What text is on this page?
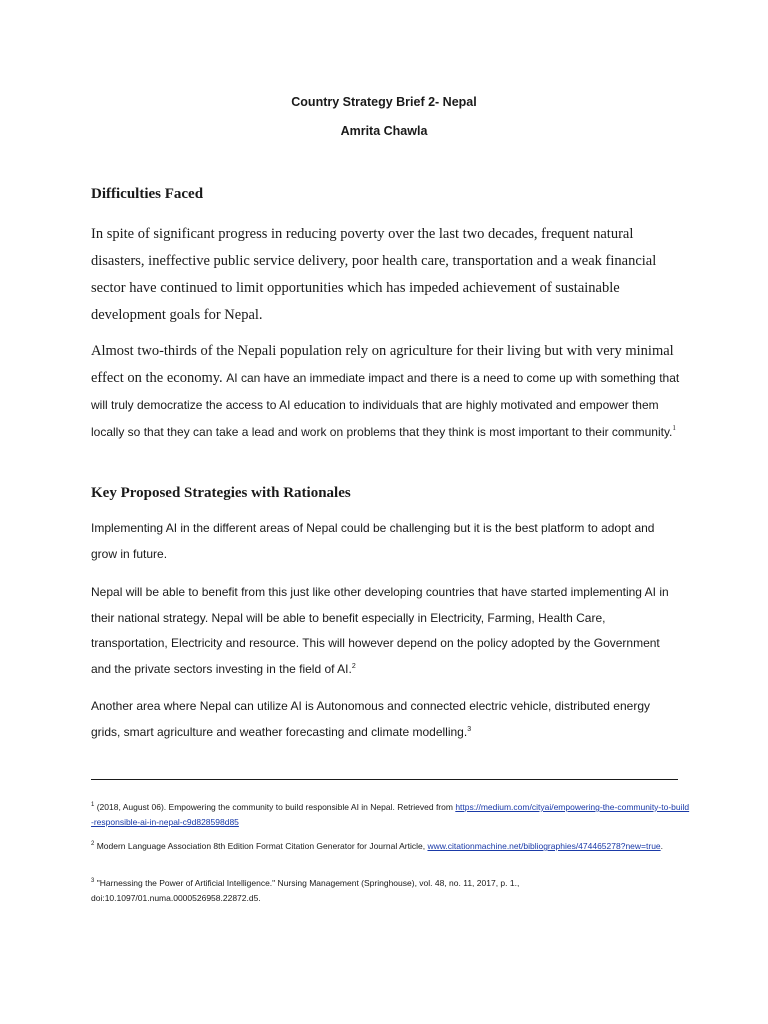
Country Strategy Brief 2- Nepal
Amrita Chawla
Difficulties Faced
In spite of significant progress in reducing poverty over the last two decades, frequent natural disasters, ineffective public service delivery, poor health care, transportation and a weak financial sector have continued to limit opportunities which has impeded achievement of sustainable development goals for Nepal.
Almost two-thirds of the Nepali population rely on agriculture for their living but with very minimal effect on the economy. AI can have an immediate impact and there is a need to come up with something that will truly democratize the access to AI education to individuals that are highly motivated and empower them locally so that they can take a lead and work on problems that they think is most important to their community.$^1$
Key Proposed Strategies with Rationales
Implementing AI in the different areas of Nepal could be challenging but it is the best platform to adopt and grow in future.
Nepal will be able to benefit from this just like other developing countries that have started implementing AI in their national strategy. Nepal will be able to benefit especially in Electricity, Farming, Health Care, transportation, Electricity and resource. This will however depend on the policy adopted by the Government and the private sectors investing in the field of AI.$^2$
Another area where Nepal can utilize AI is Autonomous and connected electric vehicle, distributed energy grids, smart agriculture and weather forecasting and climate modelling.$^3$
$^1$ (2018, August 06). Empowering the community to build responsible AI in Nepal. Retrieved from https://medium.com/cityai/empowering-the-community-to-build-responsible-ai-in-nepal-c9d828598d85
$^2$ Modern Language Association 8th Edition Format Citation Generator for Journal Article, www.citationmachine.net/bibliographies/474465278?new=true.
$^3$ "Harnessing the Power of Artificial Intelligence." Nursing Management (Springhouse), vol. 48, no. 11, 2017, p. 1., doi:10.1097/01.numa.0000526958.22872.d5.
